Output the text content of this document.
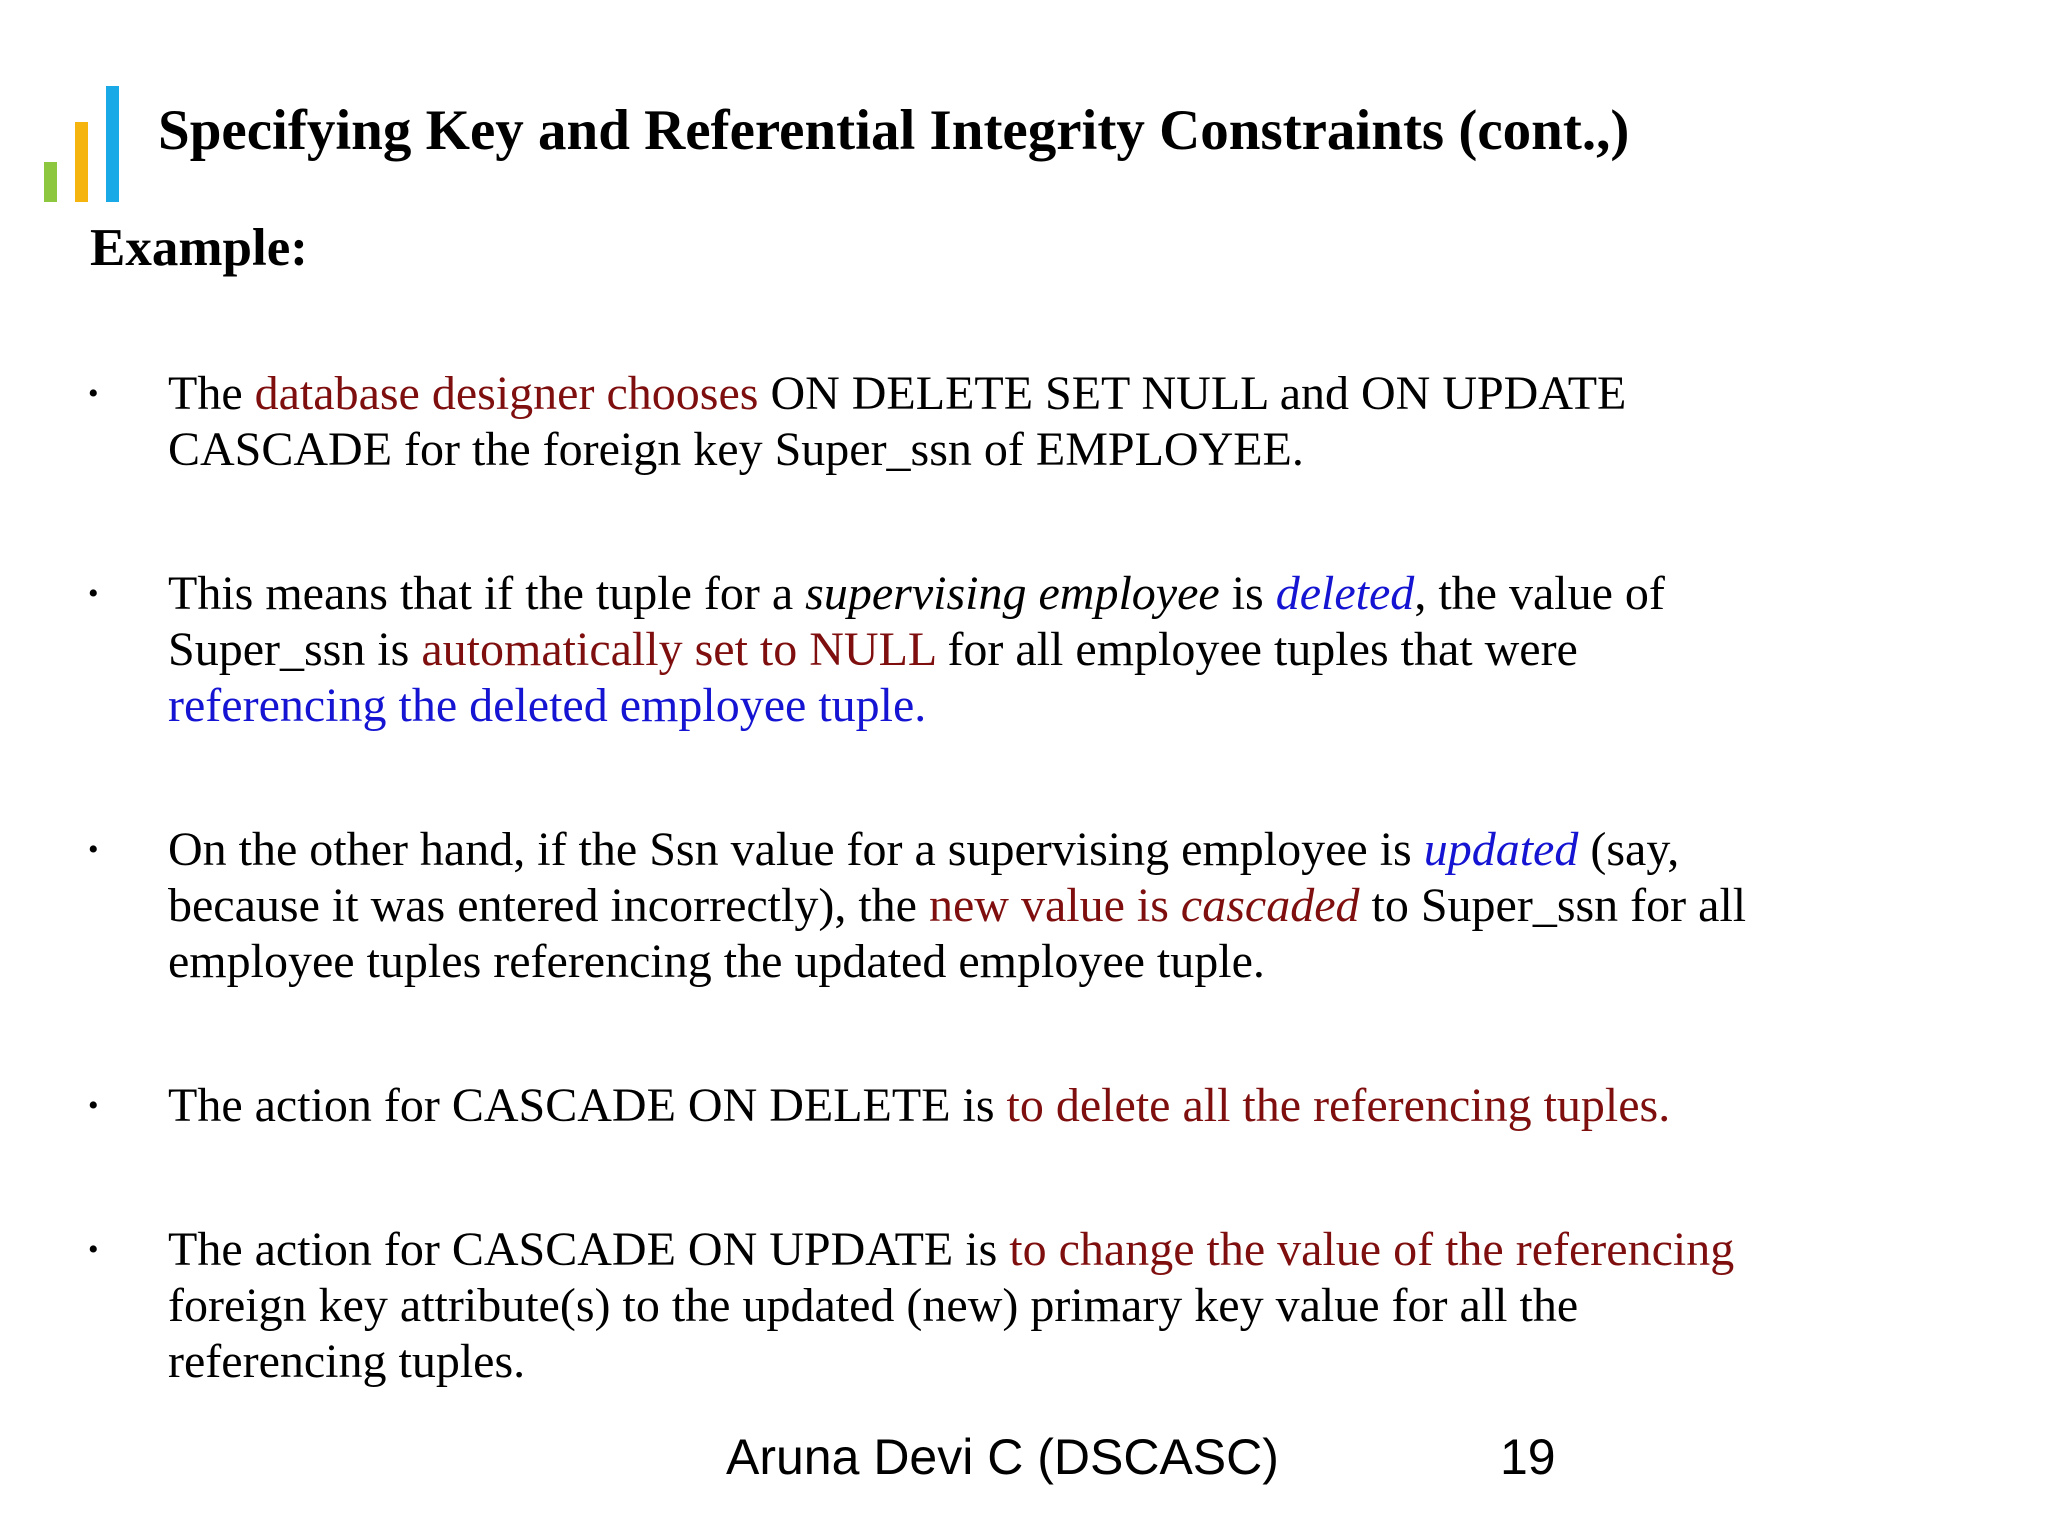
Specifying Key and Referential Integrity Constraints (cont.,)
Example:
• The database designer chooses ON DELETE SET NULL and ON UPDATE
CASCADE for the foreign key Super_ssn of EMPLOYEE.
• This means that if the tuple for a supervising employee is deleted, the value of
Super_ssn is automatically set to NULL for all employee tuples that were
referencing the deleted employee tuple.
• On the other hand, if the Ssn value for a supervising employee is updated (say,
because it was entered incorrectly), the new value is cascaded to Super_ssn for all
employee tuples referencing the updated employee tuple.
• The action for CASCADE ON DELETE is to delete all the referencing tuples.
• The action for CASCADE ON UPDATE is to change the value of the referencing
foreign key attribute(s) to the updated (new) primary key value for all the
referencing tuples.
Aruna Devi C (DSCASC)	19
